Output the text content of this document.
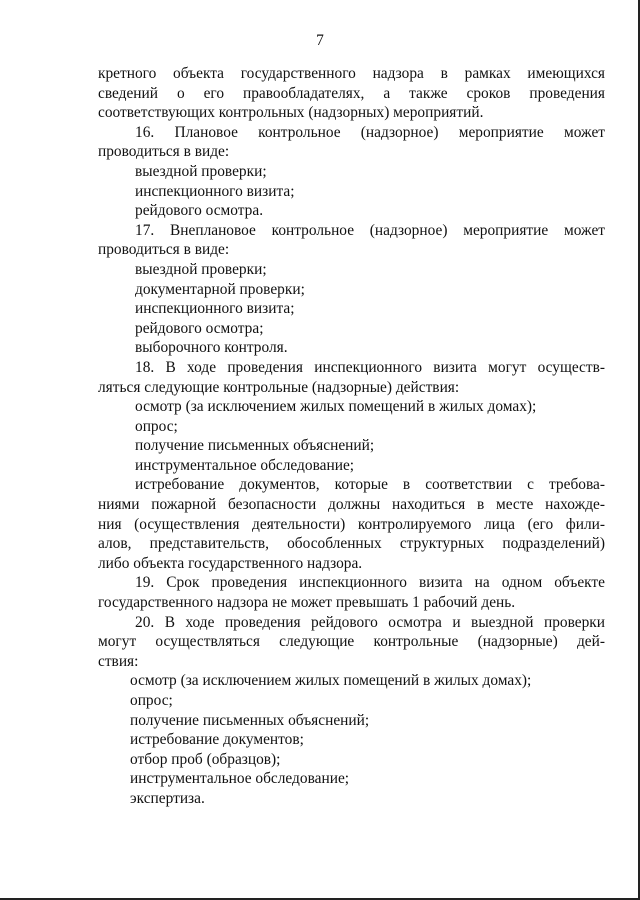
7
кретного объекта государственного надзора в рамках имеющихся
сведений о его правообладателях, а также сроков проведения
соответствующих контрольных (надзорных) мероприятий.
16. Плановое контрольное (надзорное) мероприятие может
проводиться в виде:
выездной проверки;
инспекционного визита;
рейдового осмотра.
17. Внеплановое контрольное (надзорное) мероприятие может
проводиться в виде:
выездной проверки;
документарной проверки;
инспекционного визита;
рейдового осмотра;
выборочного контроля.
18. В ходе проведения инспекционного визита могут осуществ-
ляться следующие контрольные (надзорные) действия:
осмотр (за исключением жилых помещений в жилых домах);
опрос;
получение письменных объяснений;
инструментальное обследование;
истребование документов, которые в соответствии с требова-
ниями пожарной безопасности должны находиться в месте нахожде-
ния (осуществления деятельности) контролируемого лица (его фили-
алов, представительств, обособленных структурных подразделений)
либо объекта государственного надзора.
19. Срок проведения инспекционного визита на одном объекте
государственного надзора не может превышать 1 рабочий день.
20. В ходе проведения рейдового осмотра и выездной проверки
могут осуществляться следующие контрольные (надзорные) дей-
ствия:
осмотр (за исключением жилых помещений в жилых домах);
опрос;
получение письменных объяснений;
истребование документов;
отбор проб (образцов);
инструментальное обследование;
экспертиза.
